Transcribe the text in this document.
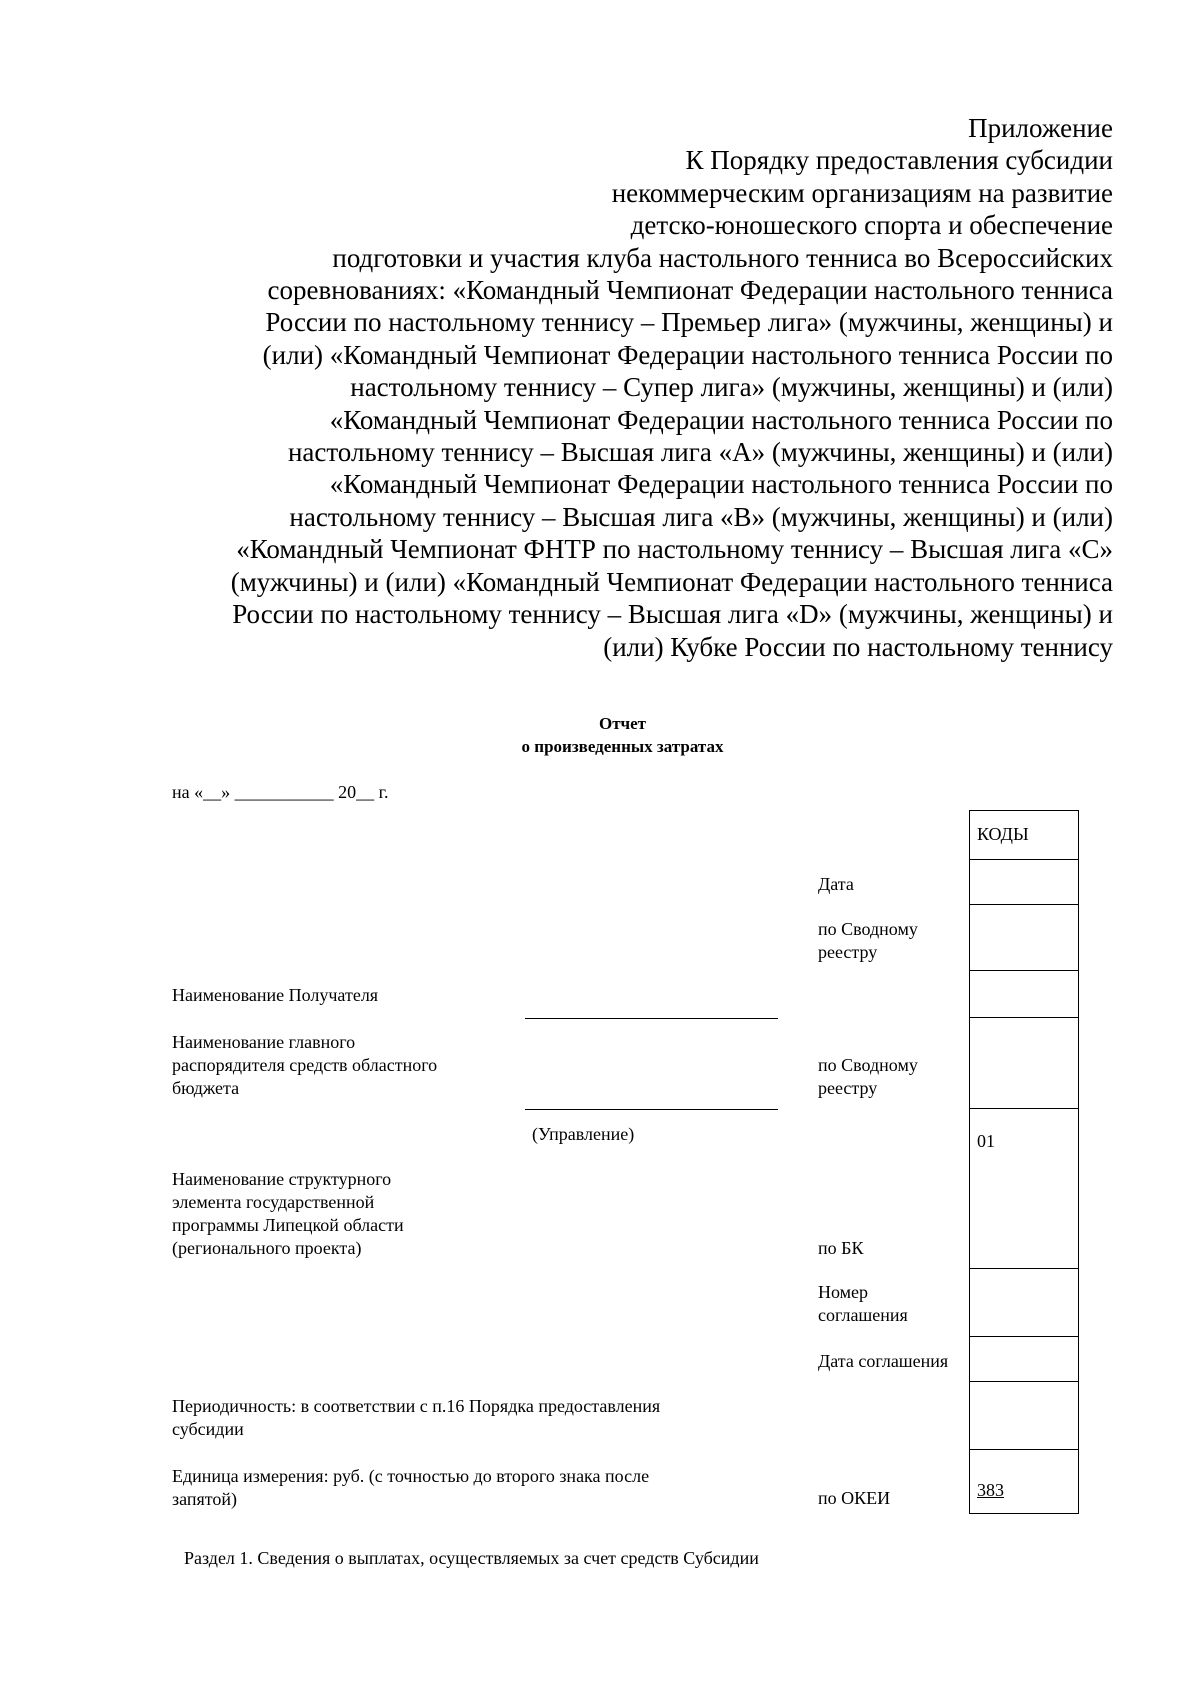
Приложение
К Порядку предоставления субсидии
некоммерческим организациям на развитие
детско-юношеского спорта и обеспечение
подготовки и участия клуба настольного тенниса во Всероссийских
соревнованиях: «Командный Чемпионат Федерации настольного тенниса
России по настольному теннису – Премьер лига» (мужчины, женщины) и
(или) «Командный Чемпионат Федерации настольного тенниса России по
настольному теннису – Супер лига» (мужчины, женщины) и (или)
«Командный Чемпионат Федерации настольного тенниса России по
настольному теннису – Высшая лига «А» (мужчины, женщины) и (или)
«Командный Чемпионат Федерации настольного тенниса России по
настольному теннису – Высшая лига «В» (мужчины, женщины) и (или)
«Командный Чемпионат ФНТР по настольному теннису – Высшая лига «С»
(мужчины) и (или) «Командный Чемпионат Федерации настольного тенниса
России по настольному теннису – Высшая лига «D» (мужчины, женщины) и
(или) Кубке России по настольному теннису
Отчет
о произведенных затратах
на «__» ___________ 20__ г.
Наименование Получателя
Наименование главного
распорядителя средств областного
бюджета
(Управление)
Наименование структурного
элемента государственной
программы Липецкой области
(регионального проекта)
Периодичность: в соответствии с п.16 Порядка предоставления
субсидии
Единица измерения: руб. (с точностью до второго знака после
запятой)
Дата
по Сводному
реестру
по Сводному
реестру
по БК
Номер
соглашения
Дата соглашения
по ОКЕИ
КОДЫ
01
383
Раздел 1. Сведения о выплатах, осуществляемых за счет средств Субсидии
